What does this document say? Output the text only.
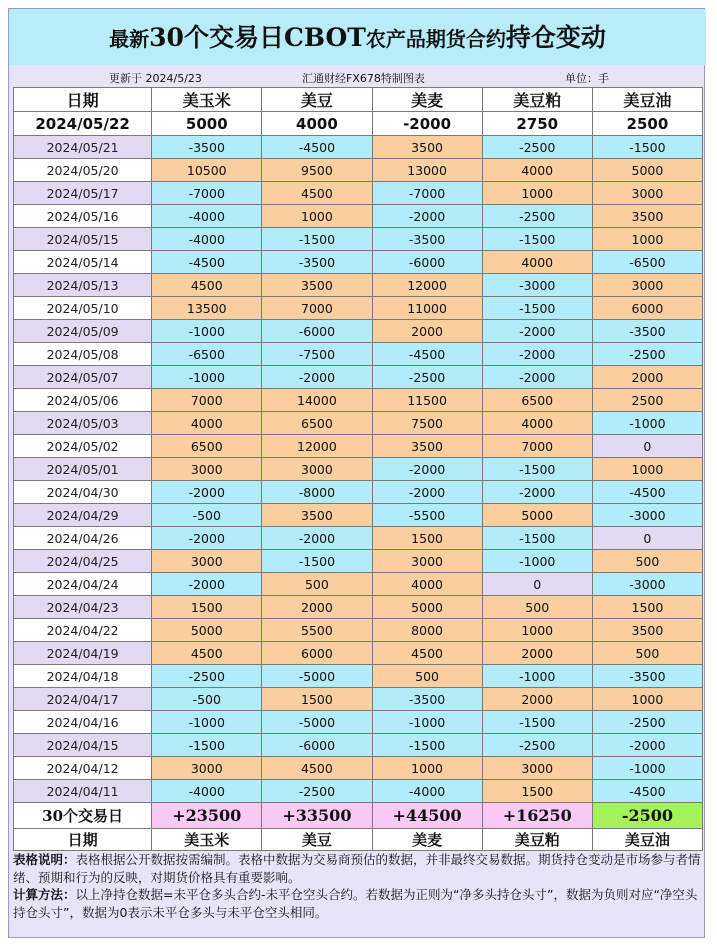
最新30个交易日CBOT农产品期货合约持仓变动
更新于 2024/5/23	汇通财经FX678特制图表	单位：手
日期	美玉米	美豆	美麦	美豆粕	美豆油
2024/05/22	5000	4000	-2000	2750	2500
2024/05/21	-3500	-4500	3500	-2500	-1500
2024/05/20	10500	9500	13000	4000	5000
2024/05/17	-7000	4500	-7000	1000	3000
2024/05/16	-4000	1000	-2000	-2500	3500
2024/05/15	-4000	-1500	-3500	-1500	1000
2024/05/14	-4500	-3500	-6000	4000	-6500
2024/05/13	4500	3500	12000	-3000	3000
2024/05/10	13500	7000	11000	-1500	6000
2024/05/09	-1000	-6000	2000	-2000	-3500
2024/05/08	-6500	-7500	-4500	-2000	-2500
2024/05/07	-1000	-2000	-2500	-2000	2000
2024/05/06	7000	14000	11500	6500	2500
2024/05/03	4000	6500	7500	4000	-1000
2024/05/02	6500	12000	3500	7000	0
2024/05/01	3000	3000	-2000	-1500	1000
2024/04/30	-2000	-8000	-2000	-2000	-4500
2024/04/29	-500	3500	-5500	5000	-3000
2024/04/26	-2000	-2000	1500	-1500	0
2024/04/25	3000	-1500	3000	-1000	500
2024/04/24	-2000	500	4000	0	-3000
2024/04/23	1500	2000	5000	500	1500
2024/04/22	5000	5500	8000	1000	3500
2024/04/19	4500	6000	4500	2000	500
2024/04/18	-2500	-5000	500	-1000	-3500
2024/04/17	-500	1500	-3500	2000	1000
2024/04/16	-1000	-5000	-1000	-1500	-2500
2024/04/15	-1500	-6000	-1500	-2500	-2000
2024/04/12	3000	4500	1000	3000	-1000
2024/04/11	-4000	-2500	-4000	1500	-4500
30个交易日	+23500	+33500	+44500	+16250	-2500
日期	美玉米	美豆	美麦	美豆粕	美豆油
表格说明：表格根据公开数据按需编制。表格中数据为交易商预估的数据，并非最终交易数据。期货持仓变动是市场参与者情绪、预期和行为的反映，对期货价格具有重要影响。
计算方法：以上净持仓数据=未平仓多头合约-未平仓空头合约。若数据为正则为“净多头持仓头寸”，数据为负则对应“净空头持仓头寸”，数据为0表示未平仓多头与未平仓空头相同。
